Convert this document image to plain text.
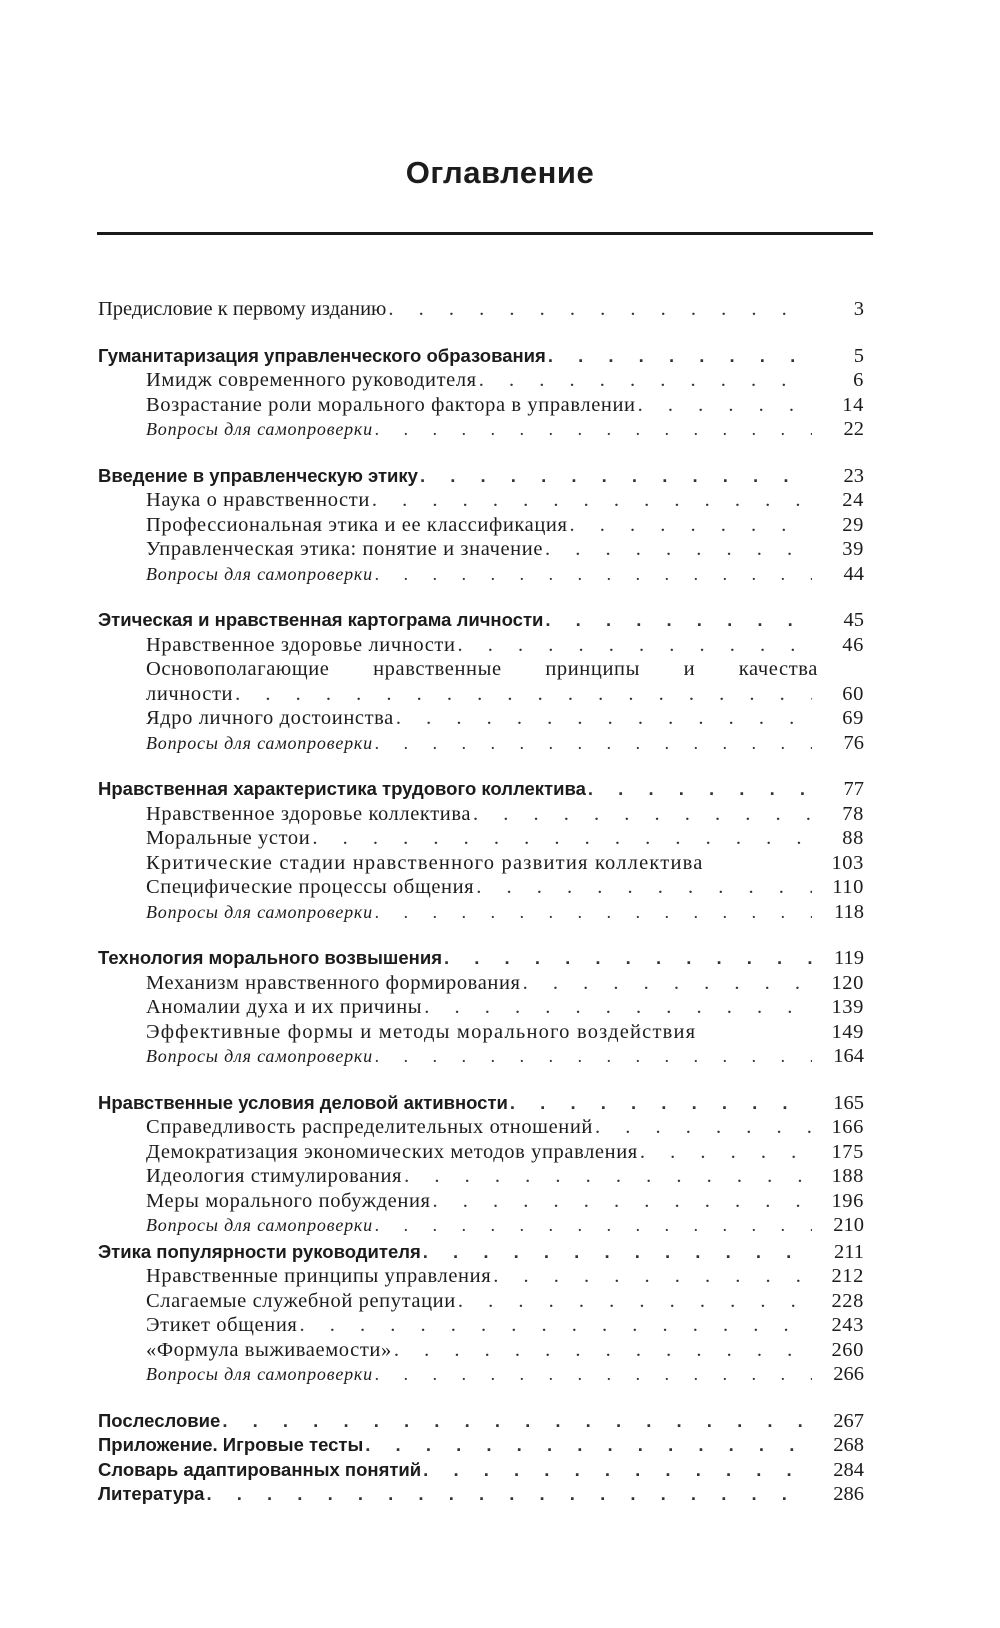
Оглавление
Предисловие к первому изданию . . .	3
Гуманитаризация управленческого образования . . .	5
Имидж современного руководителя . . .	6
Возрастание роли морального фактора в управлении . . .	14
Вопросы для самопроверки . . .	22
Введение в управленческую этику . . .	23
Наука о нравственности . . .	24
Профессиональная этика и ее классификация . . .	29
Управленческая этика: понятие и значение . . .	39
Вопросы для самопроверки . . .	44
Этическая и нравственная картограма личности . . .	45
Нравственное здоровье личности . . .	46
Основополагающие нравственные принципы и качества
личности . . .	60
Ядро личного достоинства . . .	69
Вопросы для самопроверки . . .	76
Нравственная характеристика трудового коллектива . . .	77
Нравственное здоровье коллектива . . .	78
Моральные устои . . .	88
Критические стадии нравственного развития коллектива	103
Специфические процессы общения . . .	110
Вопросы для самопроверки . . .	118
Технология морального возвышения . . .	119
Механизм нравственного формирования . . .	120
Аномалии духа и их причины . . .	139
Эффективные формы и методы морального воздействия	149
Вопросы для самопроверки . . .	164
Нравственные условия деловой активности . . .	165
Справедливость распределительных отношений . . .	166
Демократизация экономических методов управления . . .	175
Идеология стимулирования . . .	188
Меры морального побуждения . . .	196
Вопросы для самопроверки . . .	210
Этика популярности руководителя . . .	211
Нравственные принципы управления . . .	212
Слагаемые служебной репутации . . .	228
Этикет общения . . .	243
«Формула выживаемости» . . .	260
Вопросы для самопроверки . . .	266
Послесловие . . .	267
Приложение. Игровые тесты . . .	268
Словарь адаптированных понятий . . .	284
Литература . . .	286
